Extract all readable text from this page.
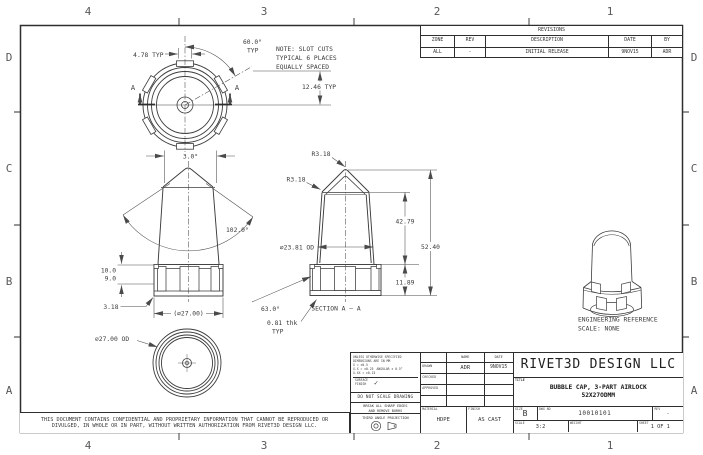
4	3	2	1
4	3	2	1
D
C
B
A
D
C
B
A
60.0°
TYP
4.78 TYP
12.46 TYP
A	A
NOTE: SLOT CUTS
TYPICAL 6 PLACES
EQUALLY SPACED
3.0°
102.0°
10.0
9.0
3.18
(∅27.00)
R3.18
R3.18
42.79
11.89
52.40
∅23.81 OD
63.0°
0.81 thk
TYP
SECTION A – A
∅27.00 OD
ENGINEERING REFERENCE
SCALE: NONE
REVISIONS
ZONE	REV	DESCRIPTION	DATE	BY
ALL	-	INITIAL RELEASE	9NOV15	ADR
UNLESS OTHERWISE SPECIFIED
DIMENSIONS ARE IN MM
X = ±0.5
X.X = ±0.25 ANGULAR ± 0.5°
X.XX = ±0.15
SURFACE
FINISH ✓
DO NOT SCALE DRAWING
BREAK ALL SHARP EDGES
AND REMOVE BURRS
THIRD ANGLE PROJECTION
NAME	DATE
DRAWN	ADR	9NOV15
CHECKED
APPROVED
MATERIAL
HDPE
FINISH
AS CAST
RIVET3D DESIGN LLC
TITLE
BUBBLE CAP, 3-PART AIRLOCK
52X27ODMM
SIZE B	DWG NO
10010101
REV
-
SCALE
3:2
WEIGHT	SHEET
1 OF 1
THIS DOCUMENT CONTAINS CONFIDENTIAL AND PROPRIETARY INFORMATION THAT CANNOT BE REPRODUCED OR
DIVULGED, IN WHOLE OR IN PART, WITHOUT WRITTEN AUTHORIZATION FROM RIVET3D DESIGN LLC.
